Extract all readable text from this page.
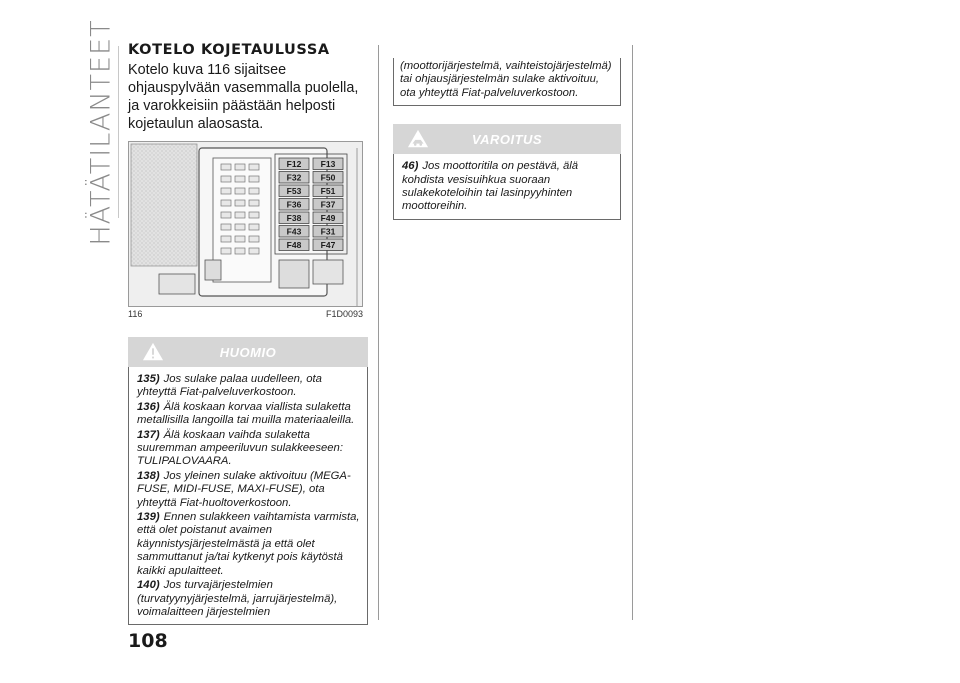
HÄTÄTILANTEET KOTELO KOJETAULUSSA
Kotelo kuva 116 sijaitsee ohjauspylvään vasemmalla puolella, ja varokkeisiin päästään helposti kojetaulun alaosasta.
F12
F32
F53
F36
F38
F43
F48
F13
F50
F51
F37
F49
F31
F47
116	F1D0093
HUOMIO
135) Jos sulake palaa uudelleen, ota yhteyttä Fiat-palveluverkostoon.
136) Älä koskaan korvaa viallista sulaketta metallisilla langoilla tai muilla materiaaleilla.
137) Älä koskaan vaihda sulaketta suuremman ampeeriluvun sulakkeeseen: TULIPALOVAARA.
138) Jos yleinen sulake aktivoituu (MEGA-FUSE, MIDI-FUSE, MAXI-FUSE), ota yhteyttä Fiat-huoltoverkostoon.
139) Ennen sulakkeen vaihtamista varmista, että olet poistanut avaimen käynnistysjärjestelmästä ja että olet sammuttanut ja/tai kytkenyt pois käytöstä kaikki apulaitteet.
140) Jos turvajärjestelmien (turvatyynyjärjestelmä, jarrujärjestelmä), voimalaitteen järjestelmien
(moottorijärjestelmä, vaihteistojärjestelmä) tai ohjausjärjestelmän sulake aktivoituu, ota yhteyttä Fiat-palveluverkostoon.
VAROITUS
46) Jos moottoritila on pestävä, älä kohdista vesisuihkua suoraan sulakekoteloihin tai lasinpyyhinten moottoreihin.
108
